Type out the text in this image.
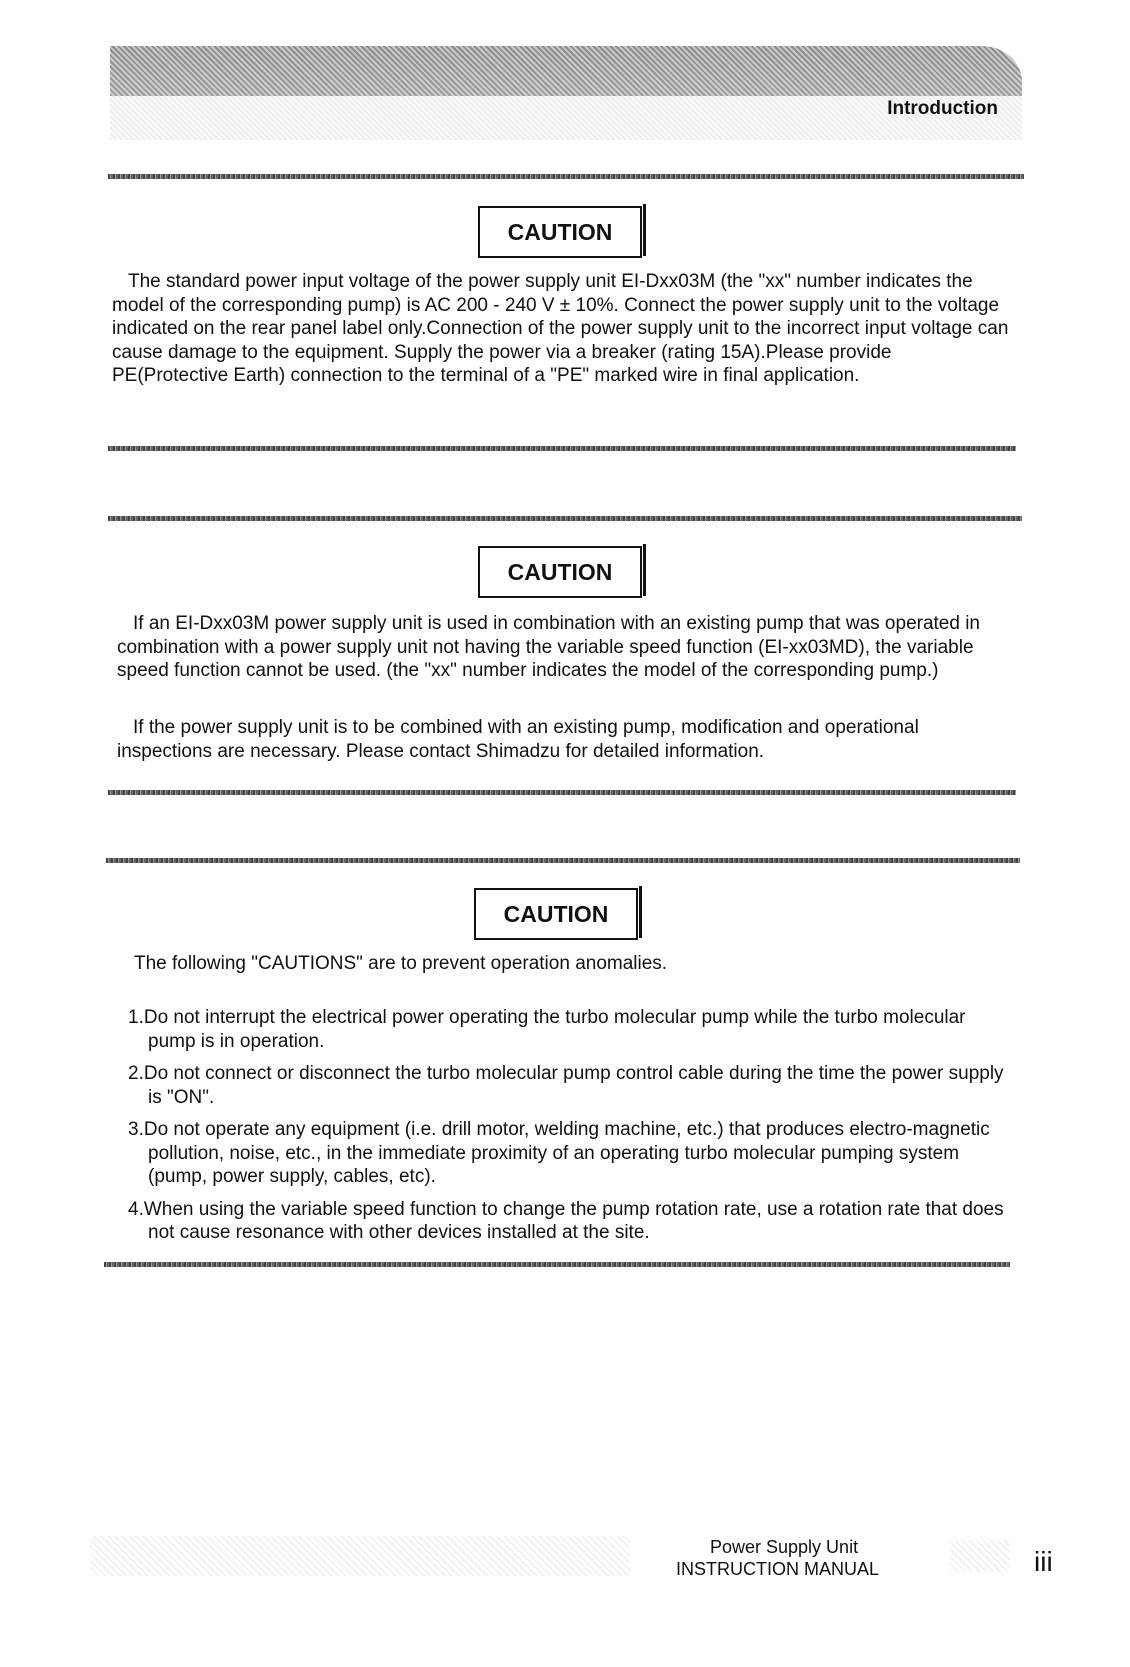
Introduction
CAUTION

The standard power input voltage of the power supply unit EI-Dxx03M (the "xx" number indicates the model of the corresponding pump) is AC 200 - 240 V ± 10%. Connect the power supply unit to the voltage indicated on the rear panel label only.Connection of the power supply unit to the incorrect input voltage can cause damage to the equipment. Supply the power via a breaker (rating 15A).Please provide PE(Protective Earth) connection to the terminal of a "PE" marked wire in final application.

CAUTION

If an EI-Dxx03M power supply unit is used in combination with an existing pump that was operated in combination with a power supply unit not having the variable speed function (EI-xx03MD), the variable speed function cannot be used. (the "xx" number indicates the model of the corresponding pump.)

If the power supply unit is to be combined with an existing pump, modification and operational inspections are necessary. Please contact Shimadzu for detailed information.

CAUTION

The following "CAUTIONS" are to prevent operation anomalies.

1.Do not interrupt the electrical power operating the turbo molecular pump while the turbo molecular pump is in operation.
2.Do not connect or disconnect the turbo molecular pump control cable during the time the power supply is "ON".
3.Do not operate any equipment (i.e. drill motor, welding machine, etc.) that produces electro-magnetic pollution, noise, etc., in the immediate proximity of an operating turbo molecular pumping system (pump, power supply, cables, etc).
4.When using the variable speed function to change the pump rotation rate, use a rotation rate that does not cause resonance with other devices installed at the site.
Power Supply Unit
INSTRUCTION MANUAL	iii
